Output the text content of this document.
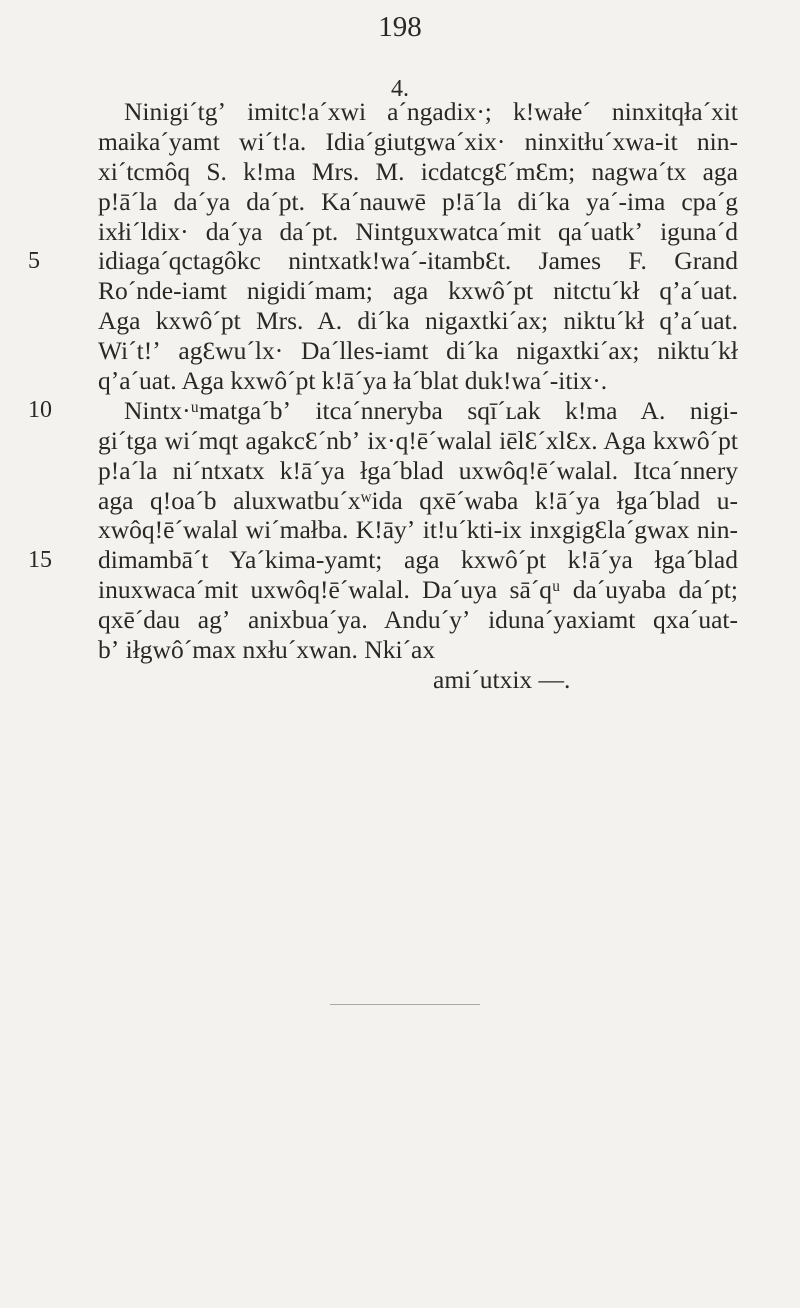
198
4.
5
10
15
Ninigi´tgʼ imitc!a´xwi a´ngadix·; k!wałe´ ninxitqła´xit
maika´yamt wi´t!a. Idia´giutgwa´xix· ninxitłu´xwa-it nin-
xi´tcmôq S. k!ma Mrs. M. icdatcgƐ´mƐm; nagwa´tx aga
p!ā´la da´ya da´pt. Ka´nauwē p!ā´la di´ka ya´-ima cpa´g
ixłi´ldix· da´ya da´pt. Nintguxwatca´mit qa´uatkʼ iguna´d
idiaga´qctagôkc nintxatk!wa´-itambƐt. James F. Grand
Ro´nde-iamt nigidi´mam; aga kxwô´pt nitctu´kł qʼa´uat.
Aga kxwô´pt Mrs. A. di´ka nigaxtki´ax; niktu´kł qʼa´uat.
Wi´t!ʼ agƐwu´lx· Da´lles-iamt di´ka nigaxtki´ax; niktu´kł
qʼa´uat. Aga kxwô´pt k!ā´ya ła´blat duk!wa´-itix·.
Nintx·ᵘmatga´bʼ itca´nneryba sqī´ʟak k!ma A. nigi-
gi´tga wi´mqt agakcƐ´nbʼ ix·q!ē´walal iēlƐ´xlƐx. Aga kxwô´pt
p!a´la ni´ntxatx k!ā´ya łga´blad uxwôq!ē´walal. Itca´nnery
aga q!oa´b aluxwatbu´xʷida qxē´waba k!ā´ya łga´blad u-
xwôq!ē´walal wi´małba. K!āyʼ it!u´kti-ix inxgigƐla´gwax nin-
dimambā´t Ya´kima-yamt; aga kxwô´pt k!ā´ya łga´blad
inuxwaca´mit uxwôq!ē´walal. Da´uya sā´qᵘ da´uyaba da´pt;
qxē´dau agʼ anixbua´ya. Andu´yʼ iduna´yaxiamt qxa´uat-
bʼ iłgwô´max nxłu´xwan. Nki´ax
ami´utxix —.
